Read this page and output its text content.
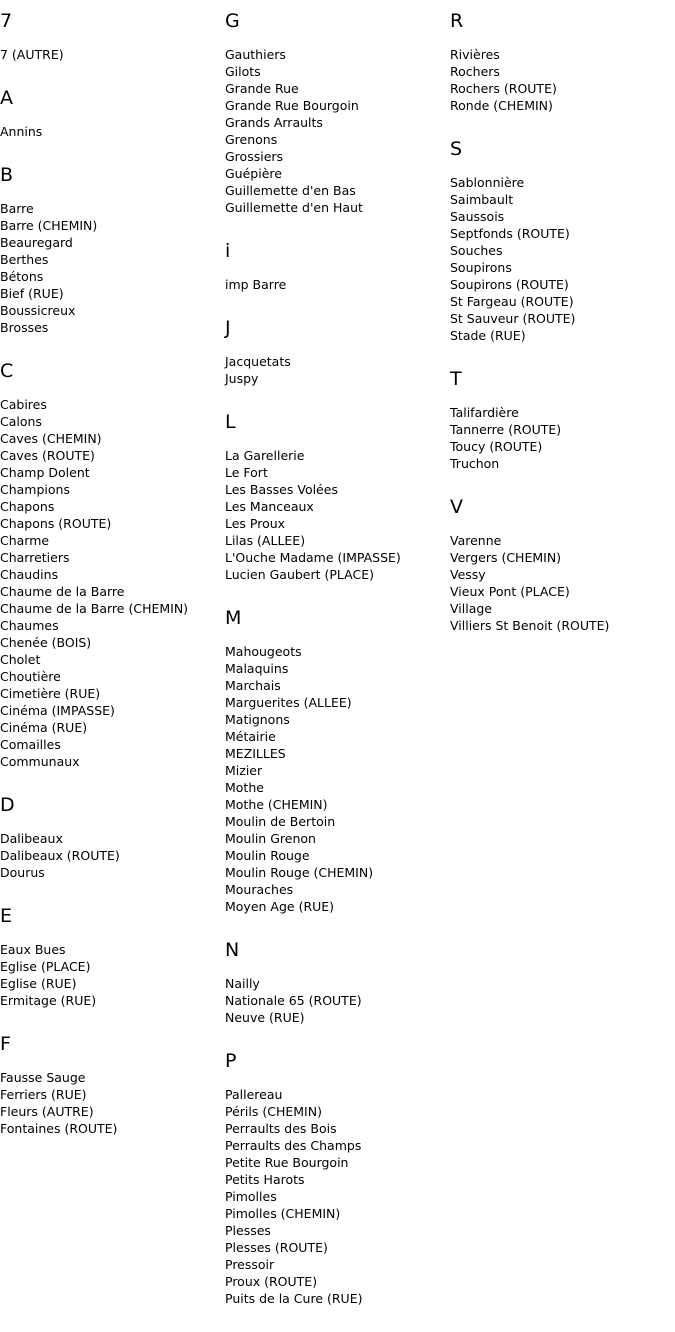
7
7 (AUTRE)
A
Annins
B
Barre
Barre (CHEMIN)
Beauregard
Berthes
Bétons
Bief (RUE)
Boussicreux
Brosses
C
Cabires
Calons
Caves (CHEMIN)
Caves (ROUTE)
Champ Dolent
Champions
Chapons
Chapons (ROUTE)
Charme
Charretiers
Chaudins
Chaume de la Barre
Chaume de la Barre (CHEMIN)
Chaumes
Chenée (BOIS)
Cholet
Choutière
Cimetière (RUE)
Cinéma (IMPASSE)
Cinéma (RUE)
Comailles
Communaux
D
Dalibeaux
Dalibeaux (ROUTE)
Dourus
E
Eaux Bues
Eglise (PLACE)
Eglise (RUE)
Ermitage (RUE)
F
Fausse Sauge
Ferriers (RUE)
Fleurs (AUTRE)
Fontaines (ROUTE)
G
Gauthiers
Gilots
Grande Rue
Grande Rue Bourgoin
Grands Arraults
Grenons
Grossiers
Guépière
Guillemette d'en Bas
Guillemette d'en Haut
i
imp Barre
J
Jacquetats
Juspy
L
La Garellerie
Le Fort
Les Basses Volées
Les Manceaux
Les Proux
Lilas (ALLEE)
L'Ouche Madame (IMPASSE)
Lucien Gaubert (PLACE)
M
Mahougeots
Malaquins
Marchais
Marguerites (ALLEE)
Matignons
Métairie
MEZILLES
Mizier
Mothe
Mothe (CHEMIN)
Moulin de Bertoin
Moulin Grenon
Moulin Rouge
Moulin Rouge (CHEMIN)
Mouraches
Moyen Age (RUE)
N
Nailly
Nationale 65 (ROUTE)
Neuve (RUE)
P
Pallereau
Périls (CHEMIN)
Perraults des Bois
Perraults des Champs
Petite Rue Bourgoin
Petits Harots
Pimolles
Pimolles (CHEMIN)
Plesses
Plesses (ROUTE)
Pressoir
Proux (ROUTE)
Puits de la Cure (RUE)
R
Rivières
Rochers
Rochers (ROUTE)
Ronde (CHEMIN)
S
Sablonnière
Saimbault
Saussois
Septfonds (ROUTE)
Souches
Soupirons
Soupirons (ROUTE)
St Fargeau (ROUTE)
St Sauveur (ROUTE)
Stade (RUE)
T
Talifardière
Tannerre (ROUTE)
Toucy (ROUTE)
Truchon
V
Varenne
Vergers (CHEMIN)
Vessy
Vieux Pont (PLACE)
Village
Villiers St Benoit (ROUTE)
